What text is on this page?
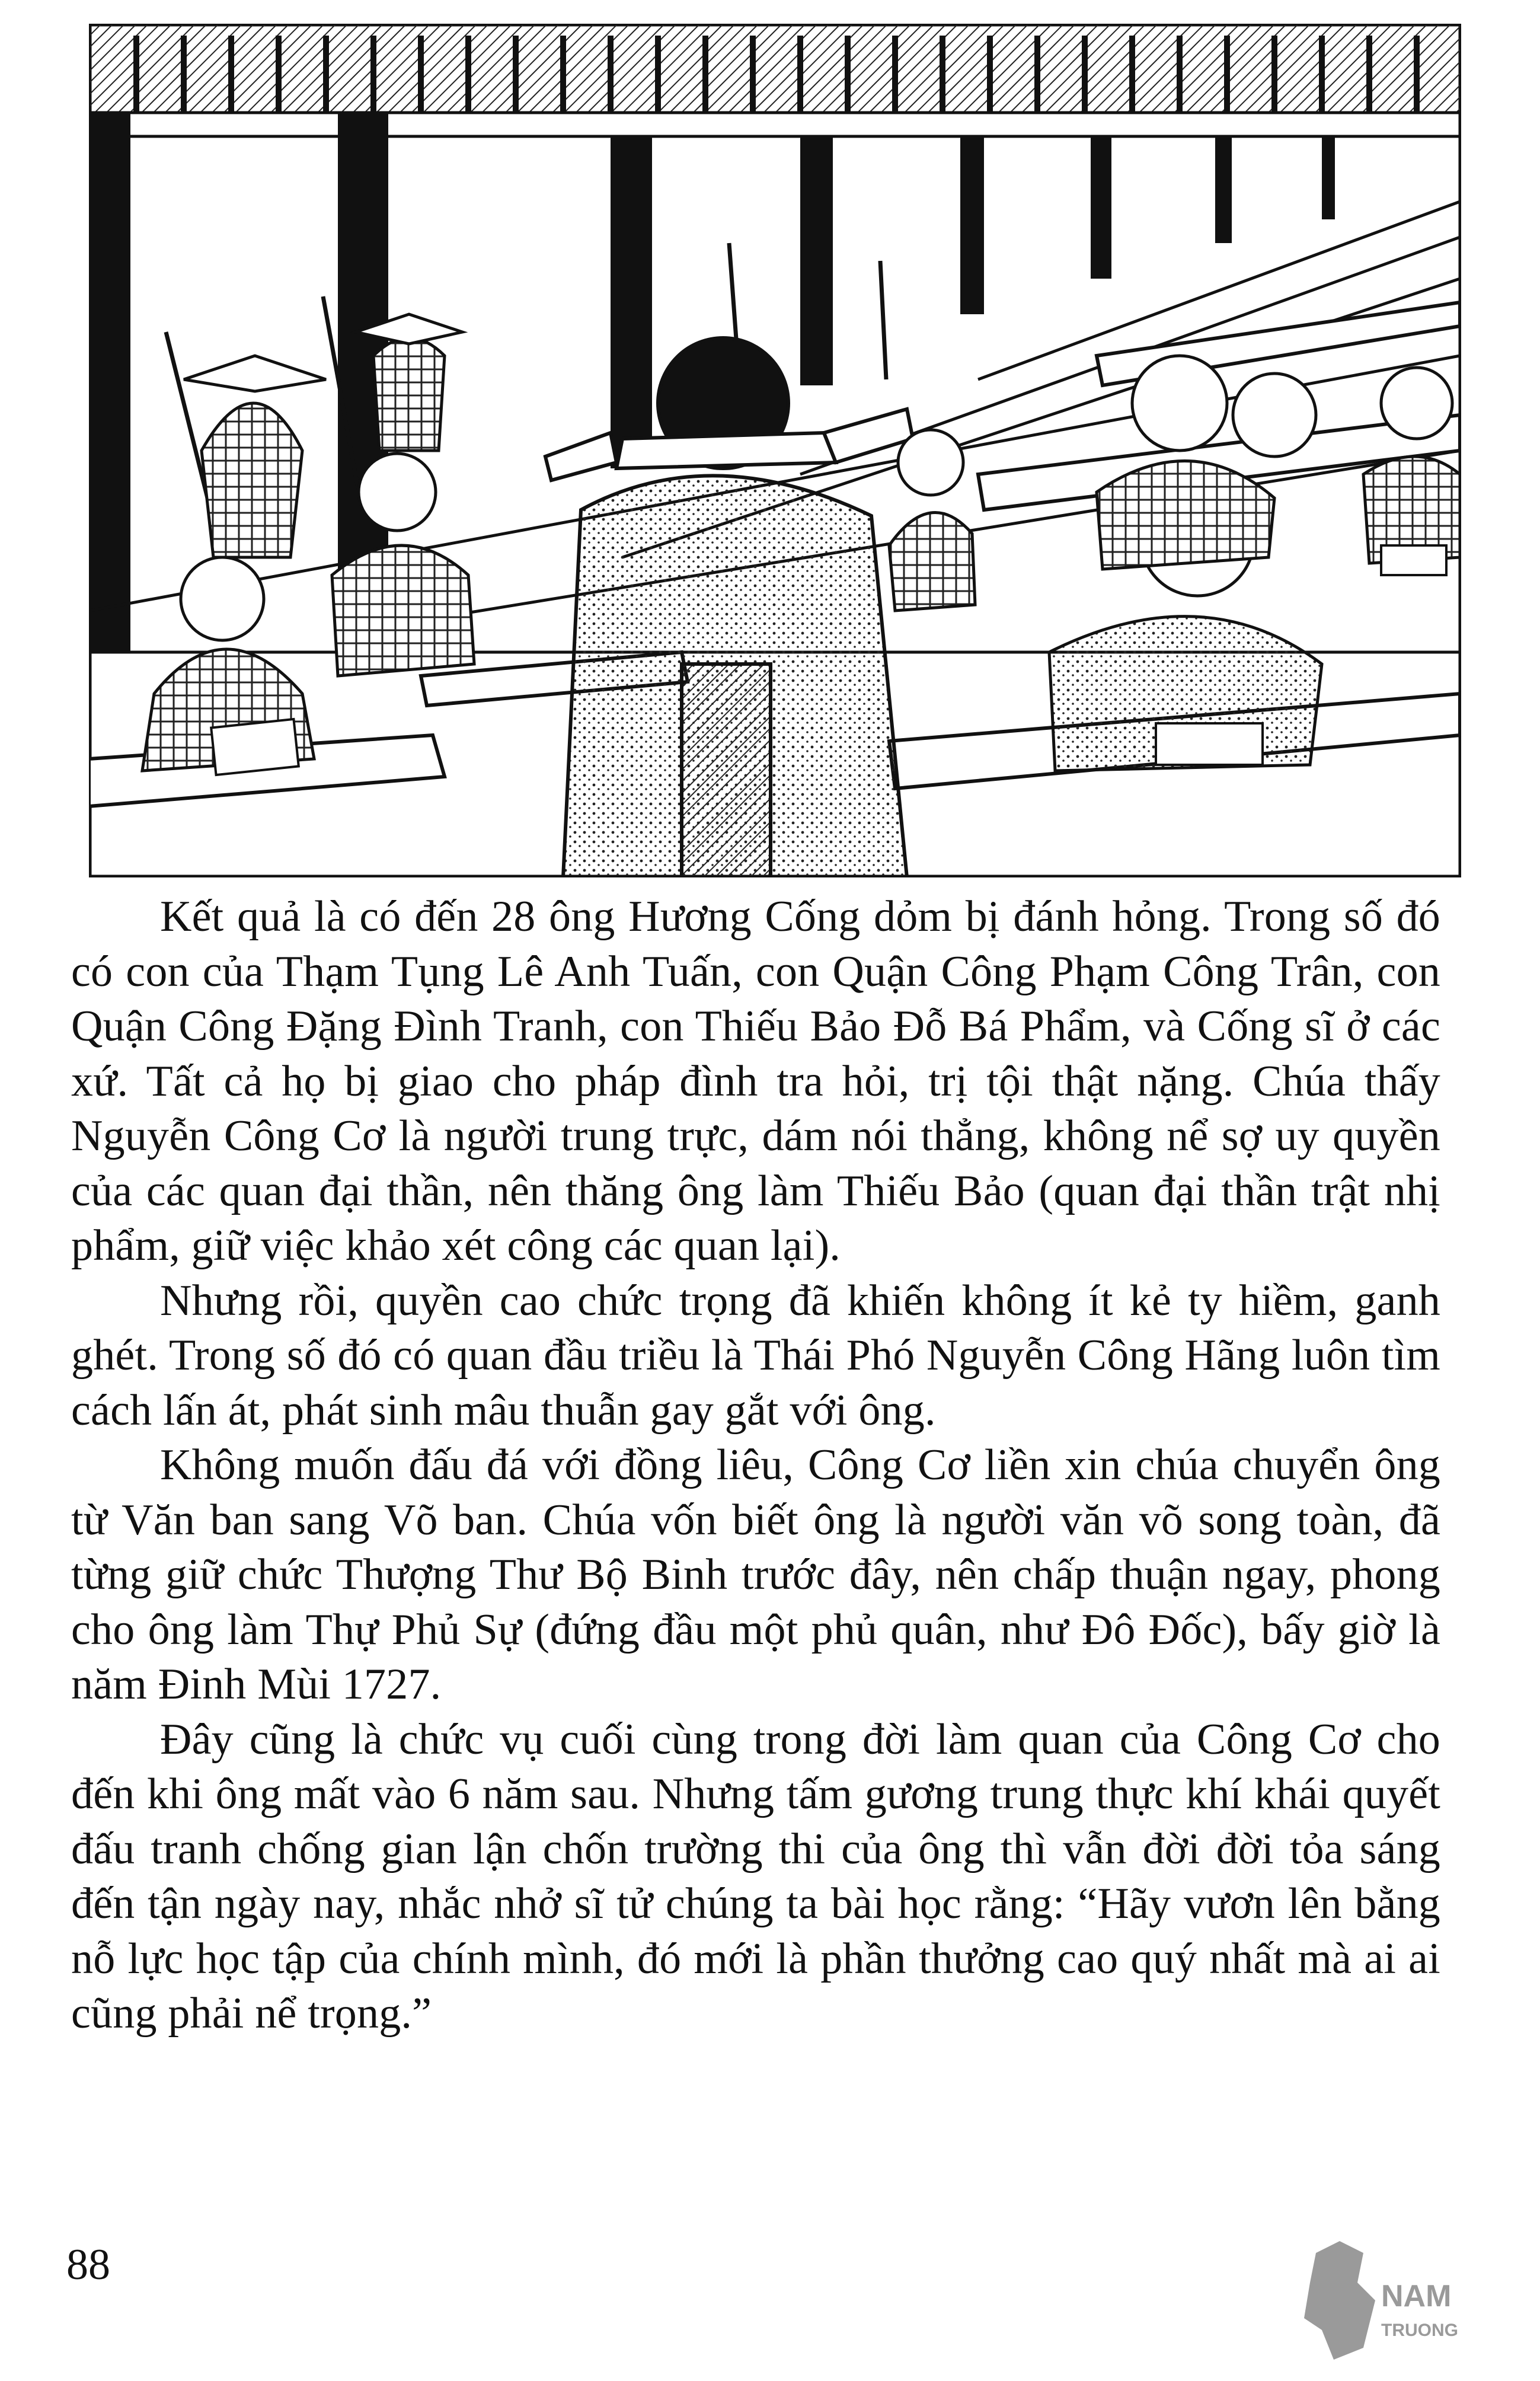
Kết quả là có đến 28 ông Hương Cống dỏm bị đánh hỏng. Trong số đó có con của Thạm Tụng Lê Anh Tuấn, con Quận Công Phạm Công Trân, con Quận Công Đặng Đình Tranh, con Thiếu Bảo Đỗ Bá Phẩm, và Cống sĩ ở các xứ. Tất cả họ bị giao cho pháp đình tra hỏi, trị tội thật nặng. Chúa thấy Nguyễn Công Cơ là người trung trực, dám nói thẳng, không nể sợ uy quyền của các quan đại thần, nên thăng ông làm Thiếu Bảo (quan đại thần trật nhị phẩm, giữ việc khảo xét công các quan lại).

Nhưng rồi, quyền cao chức trọng đã khiến không ít kẻ ty hiềm, ganh ghét. Trong số đó có quan đầu triều là Thái Phó Nguyễn Công Hãng luôn tìm cách lấn át, phát sinh mâu thuẫn gay gắt với ông.

Không muốn đấu đá với đồng liêu, Công Cơ liền xin chúa chuyển ông từ Văn ban sang Võ ban. Chúa vốn biết ông là người văn võ song toàn, đã từng giữ chức Thượng Thư Bộ Binh trước đây, nên chấp thuận ngay, phong cho ông làm Thự Phủ Sự (đứng đầu một phủ quân, như Đô Đốc), bấy giờ là năm Đinh Mùi 1727.

Đây cũng là chức vụ cuối cùng trong đời làm quan của Công Cơ cho đến khi ông mất vào 6 năm sau. Nhưng tấm gương trung thực khí khái quyết đấu tranh chống gian lận chốn trường thi của ông thì vẫn đời đời tỏa sáng đến tận ngày nay, nhắc nhở sĩ tử chúng ta bài học rằng: “Hãy vươn lên bằng nỗ lực học tập của chính mình, đó mới là phần thưởng cao quý nhất mà ai ai cũng phải nể trọng.”

88
NAM
TRUONG
